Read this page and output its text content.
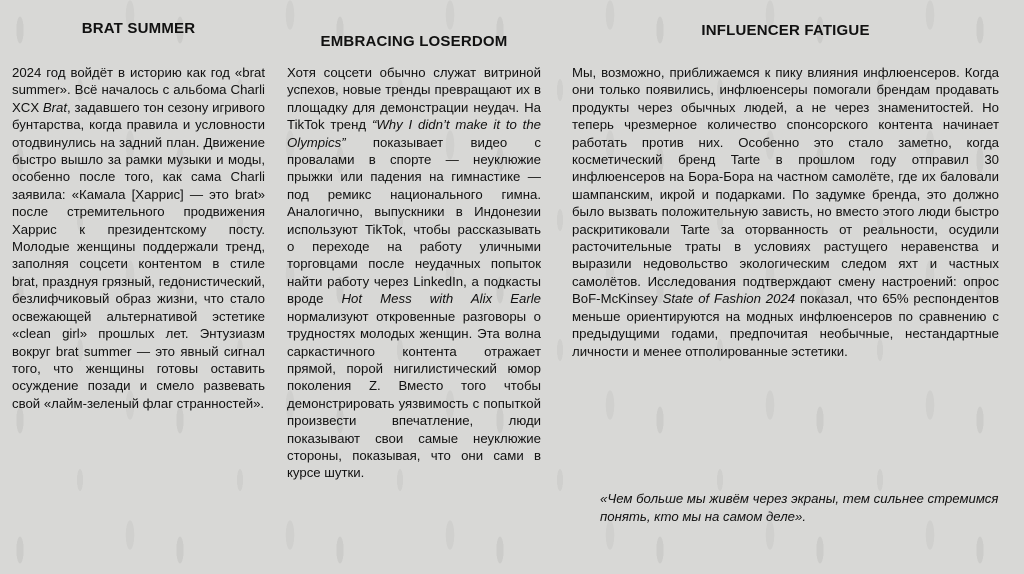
BRAT SUMMER
EMBRACING LOSERDOM
INFLUENCER FATIGUE

2024 год войдёт в историю как год «brat summer». Всё началось с альбома Charli XCX Brat, задавшего тон сезону игривого бунтарства, когда правила и условности отодвинулись на задний план. Движение быстро вышло за рамки музыки и моды, особенно после того, как сама Charli заявила: «Камала [Харрис] — это brat» после стремительного продвижения Харрис к президентскому посту. Молодые женщины поддержали тренд, заполняя соцсети контентом в стиле brat, празднуя грязный, гедонистический, безлифчиковый образ жизни, что стало освежающей альтернативой эстетике «clean girl» прошлых лет. Энтузиазм вокруг brat summer — это явный сигнал того, что женщины готовы оставить осуждение позади и смело развевать свой «лайм-зеленый флаг странностей».

Хотя соцсети обычно служат витриной успехов, новые тренды превращают их в площадку для демонстрации неудач. На TikTok тренд “Why I didn’t make it to the Olympics” показывает видео с провалами в спорте — неуклюжие прыжки или падения на гимнастике — под ремикс национального гимна. Аналогично, выпускники в Индонезии используют TikTok, чтобы рассказывать о переходе на работу уличными торговцами после неудачных попыток найти работу через LinkedIn, а подкасты вроде Hot Mess with Alix Earle нормализуют откровенные разговоры о трудностях молодых женщин. Эта волна саркастичного контента отражает прямой, порой нигилистический юмор поколения Z. Вместо того чтобы демонстрировать уязвимость с попыткой произвести впечатление, люди показывают свои самые неуклюжие стороны, показывая, что они сами в курсе шутки.

Мы, возможно, приближаемся к пику влияния инфлюенсеров. Когда они только появились, инфлюенсеры помогали брендам продавать продукты через обычных людей, а не через знаменитостей. Но теперь чрезмерное количество спонсорского контента начинает работать против них. Особенно это стало заметно, когда косметический бренд Tarte в прошлом году отправил 30 инфлюенсеров на Бора-Бора на частном самолёте, где их баловали шампанским, икрой и подарками. По задумке бренда, это должно было вызвать положительную зависть, но вместо этого люди быстро раскритиковали Tarte за оторванность от реальности, осудили расточительные траты в условиях растущего неравенства и выразили недовольство экологическим следом яхт и частных самолётов. Исследования подтверждают смену настроений: опрос BoF-McKinsey State of Fashion 2024 показал, что 65% респондентов меньше ориентируются на модных инфлюенсеров по сравнению с предыдущими годами, предпочитая необычные, нестандартные личности и менее отполированные эстетики.

«Чем больше мы живём через экраны, тем сильнее стремимся понять, кто мы на самом деле».
